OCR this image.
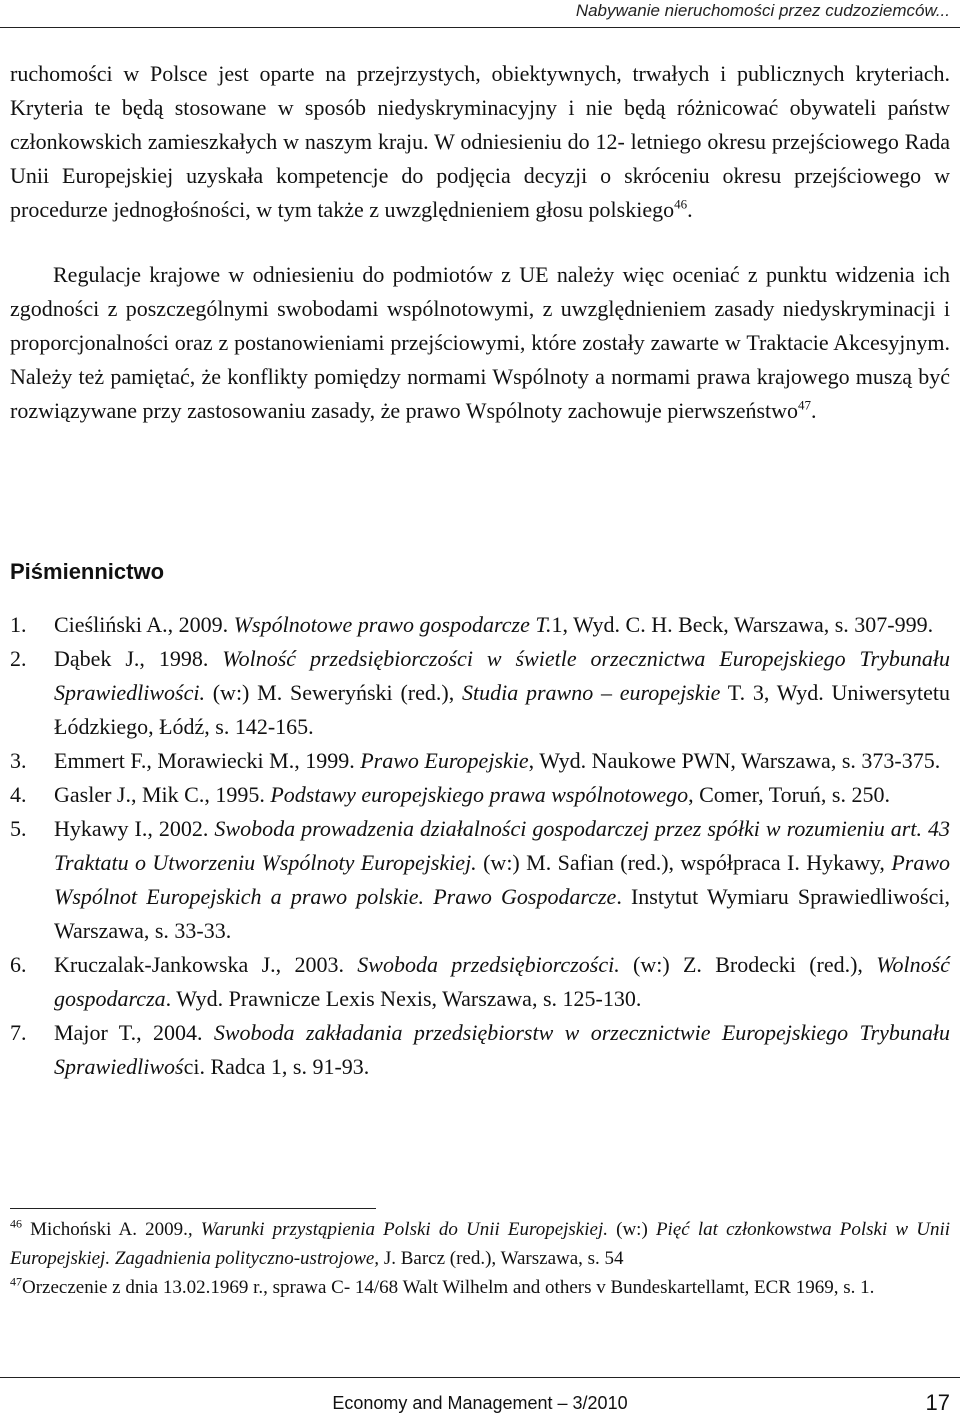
Nabywanie nieruchomości przez cudzoziemców...

ruchomości w Polsce jest oparte na przejrzystych, obiektywnych, trwałych i publicznych kryteriach. Kryteria te będą stosowane w sposób niedyskryminacyjny i nie będą różnicować obywateli państw członkowskich zamieszkałych w naszym kraju. W odniesieniu do 12- letniego okresu przejściowego Rada Unii Europejskiej uzyskała kompetencje do podjęcia decyzji o skróceniu okresu przejściowego w procedurze jednogłośności, w tym także z uwzględnieniem głosu polskiego$^{46}$.

Regulacje krajowe w odniesieniu do podmiotów z UE należy więc oceniać z punktu widzenia ich zgodności z poszczególnymi swobodami wspólnotowymi, z uwzględnieniem zasady niedyskryminacji i proporcjonalności oraz z postanowieniami przejściowymi, które zostały zawarte w Traktacie Akcesyjnym. Należy też pamiętać, że konflikty pomiędzy normami Wspólnoty a normami prawa krajowego muszą być rozwiązywane przy zastosowaniu zasady, że prawo Wspólnoty zachowuje pierwszeństwo$^{47}$.

Piśmiennictwo
1. Cieśliński A., 2009. Wspólnotowe prawo gospodarcze T.1, Wyd. C. H. Beck, Warszawa, s. 307-999.
2. Dąbek J., 1998. Wolność przedsiębiorczości w świetle orzecznictwa Europejskiego Trybunału Sprawiedliwości. (w:) M. Seweryński (red.), Studia prawno – europejskie T. 3, Wyd. Uniwersytetu Łódzkiego, Łódź, s. 142-165.
3. Emmert F., Morawiecki M., 1999. Prawo Europejskie, Wyd. Naukowe PWN, Warszawa, s. 373-375.
4. Gasler J., Mik C., 1995. Podstawy europejskiego prawa wspólnotowego, Comer, Toruń, s. 250.
5. Hykawy I., 2002. Swoboda prowadzenia działalności gospodarczej przez spółki w rozumieniu art. 43 Traktatu o Utworzeniu Wspólnoty Europejskiej. (w:) M. Safian (red.), współpraca I. Hykawy, Prawo Wspólnot Europejskich a prawo polskie. Prawo Gospodarcze. Instytut Wymiaru Sprawiedliwości, Warszawa, s. 33-33.
6. Kruczalak-Jankowska J., 2003. Swoboda przedsiębiorczości. (w:) Z. Brodecki (red.), Wolność gospodarcza. Wyd. Prawnicze Lexis Nexis, Warszawa, s. 125-130.
7. Major T., 2004. Swoboda zakładania przedsiębiorstw w orzecznictwie Europejskiego Trybunału Sprawiedliwości. Radca 1, s. 91-93.

$^{46}$ Michoński A. 2009., Warunki przystąpienia Polski do Unii Europejskiej. (w:) Pięć lat członkowstwa Polski w Unii Europejskiej. Zagadnienia polityczno-ustrojowe, J. Barcz (red.), Warszawa, s. 54

$^{47}$Orzeczenie z dnia 13.02.1969 r., sprawa C- 14/68 Walt Wilhelm and others v Bundeskartellamt, ECR 1969, s. 1.

Economy and Management – 3/2010	17
